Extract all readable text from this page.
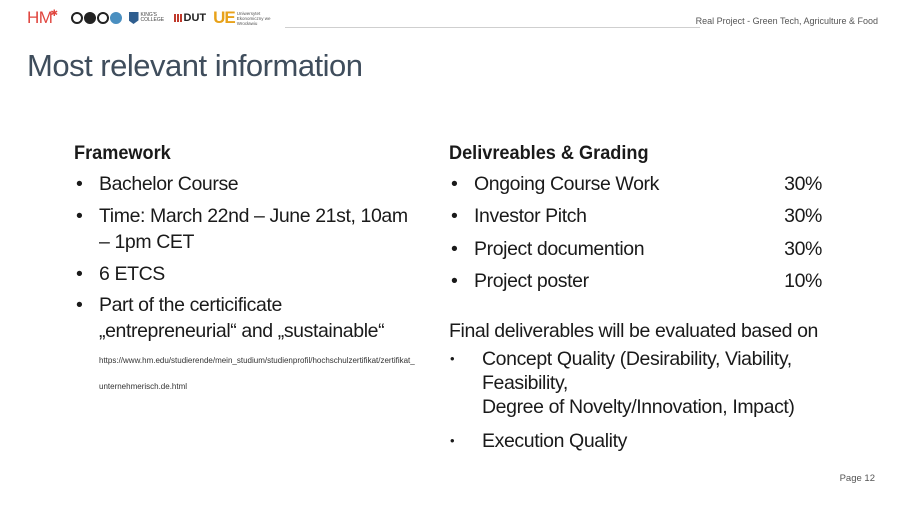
HM✱	KING'S COLLEGE DUT UE Uniwersytet Ekonomiczny we Wrocławiu	Real Project - Green Tech, Agriculture & Food
Most relevant information
Framework
• Bachelor Course
• Time: March 22nd – June 21st, 10am – 1pm CET
• 6 ETCS
• Part of the certicificate „entrepreneurial“ and „sustainable“
https://www.hm.edu/studierende/mein_studium/studienprofil/hochschulzertifikat/zertifikat_unternehmerisch.de.html
Delivreables & Grading
• Ongoing Course Work	30%
• Investor Pitch	30%
• Project documention	30%
• Project poster	10%
Final deliverables will be evaluated based on
• Concept Quality (Desirability, Viability,
Feasibility,
Degree of Novelty/Innovation, Impact)
• Execution Quality
Page 12
